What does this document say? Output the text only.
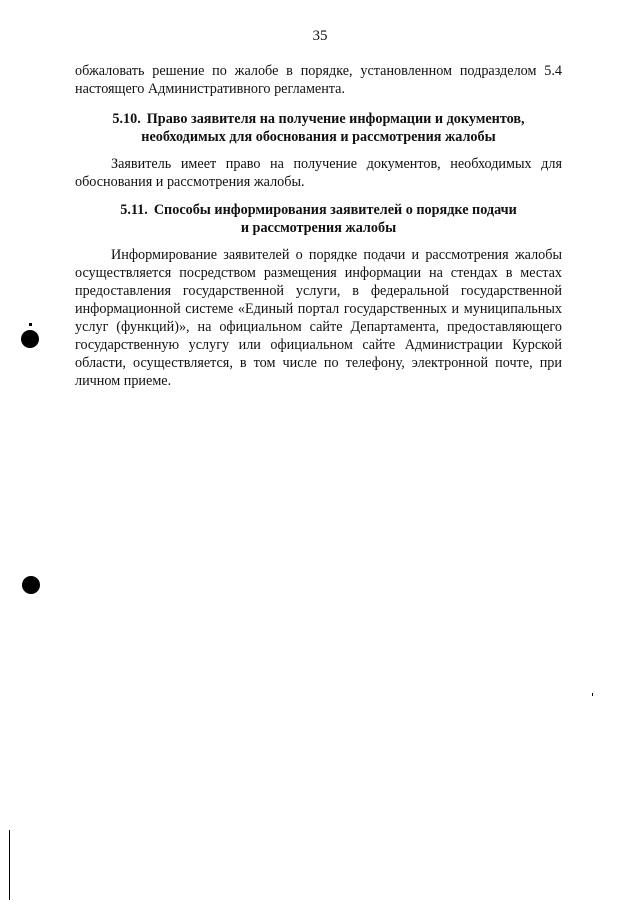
35
обжаловать решение по жалобе в порядке, установленном подразделом 5.4 настоящего Административного регламента.
5.10. Право заявителя на получение информации и документов, необходимых для обоснования и рассмотрения жалобы
Заявитель имеет право на получение документов, необходимых для обоснования и рассмотрения жалобы.
5.11. Способы информирования заявителей о порядке подачи и рассмотрения жалобы
Информирование заявителей о порядке подачи и рассмотрения жалобы осуществляется посредством размещения информации на стендах в местах предоставления государственной услуги, в федеральной государственной информационной системе «Единый портал государственных и муниципальных услуг (функций)», на официальном сайте Департамента, предоставляющего государственную услугу или официальном сайте Администрации Курской области, осуществляется, в том числе по телефону, электронной почте, при личном приеме.
